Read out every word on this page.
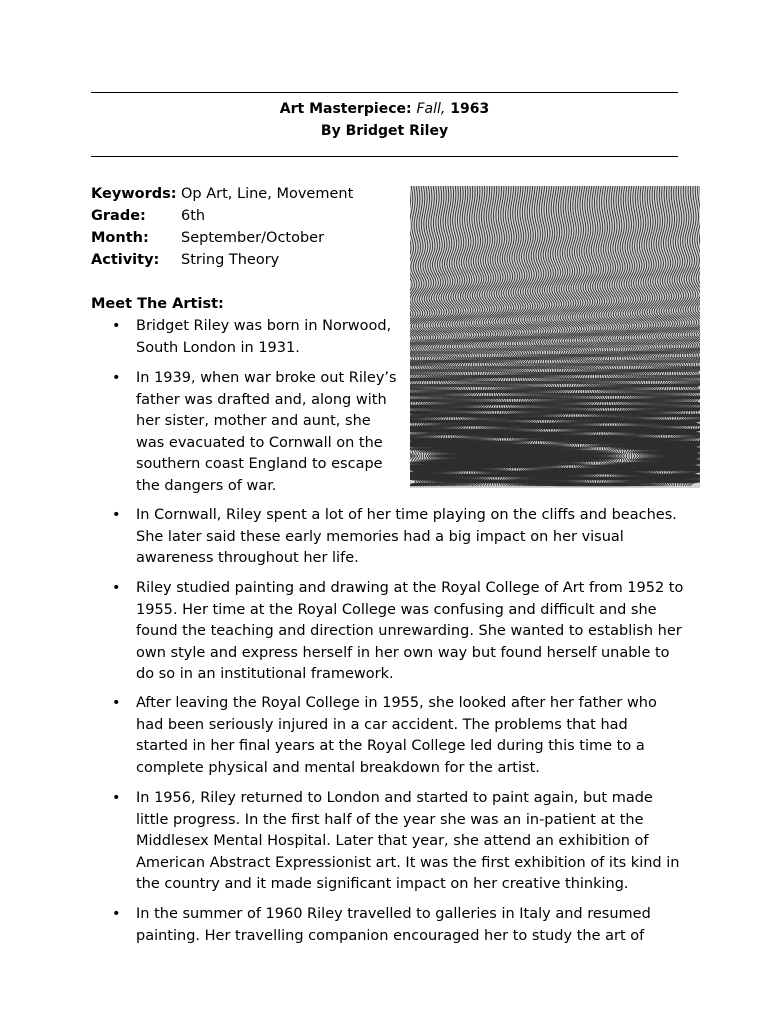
Art Masterpiece: Fall, 1963
By Bridget Riley
Keywords: Op Art, Line, Movement
Grade:	6th
Month:	September/October
Activity:	String Theory
Meet The Artist:
• Bridget Riley was born in Norwood, South London in 1931.
• In 1939, when war broke out Riley’s father was drafted and, along with her sister, mother and aunt, she was evacuated to Cornwall on the southern coast England to escape the dangers of war.
• In Cornwall, Riley spent a lot of her time playing on the cliffs and beaches. She later said these early memories had a big impact on her visual awareness throughout her life.
• Riley studied painting and drawing at the Royal College of Art from 1952 to 1955. Her time at the Royal College was confusing and difficult and she found the teaching and direction unrewarding. She wanted to establish her own style and express herself in her own way but found herself unable to do so in an institutional framework.
• After leaving the Royal College in 1955, she looked after her father who had been seriously injured in a car accident. The problems that had started in her final years at the Royal College led during this time to a complete physical and mental breakdown for the artist.
• In 1956, Riley returned to London and started to paint again, but made little progress. In the first half of the year she was an in-patient at the Middlesex Mental Hospital. Later that year, she attend an exhibition of American Abstract Expressionist art. It was the first exhibition of its kind in the country and it made significant impact on her creative thinking.
• In the summer of 1960 Riley travelled to galleries in Italy and resumed painting. Her travelling companion encouraged her to study the art of
